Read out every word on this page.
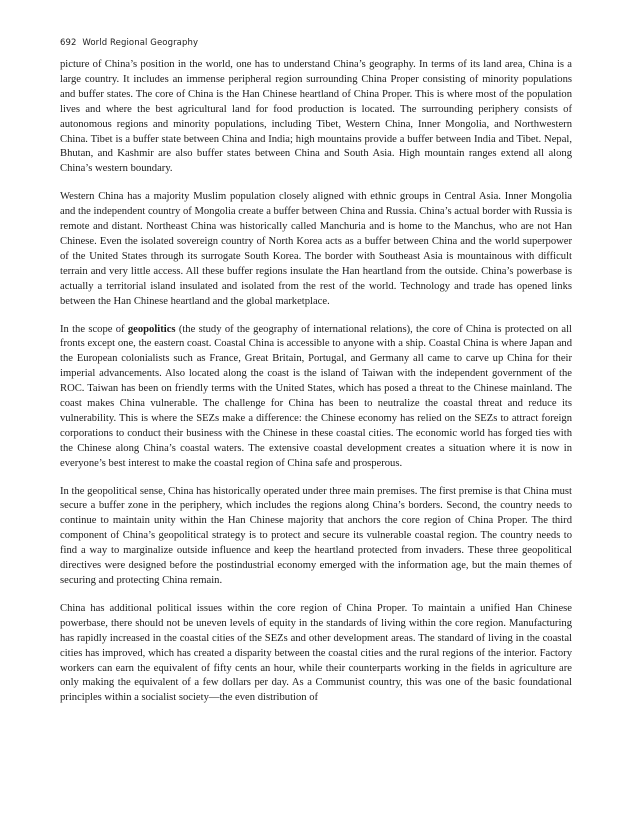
692 World Regional Geography

picture of China’s position in the world, one has to understand China’s geography. In terms of its land area, China is a large country. It includes an immense peripheral region surrounding China Proper consisting of minority populations and buffer states. The core of China is the Han Chinese heartland of China Proper. This is where most of the population lives and where the best agricultural land for food production is located. The surrounding periphery consists of autonomous regions and minority populations, including Tibet, Western China, Inner Mongolia, and Northwestern China. Tibet is a buffer state between China and India; high mountains provide a buffer between India and Tibet. Nepal, Bhutan, and Kashmir are also buffer states between China and South Asia. High mountain ranges extend all along China’s western boundary.

Western China has a majority Muslim population closely aligned with ethnic groups in Central Asia. Inner Mongolia and the independent country of Mongolia create a buffer between China and Russia. China’s actual border with Russia is remote and distant. Northeast China was historically called Manchuria and is home to the Manchus, who are not Han Chinese. Even the isolated sovereign country of North Korea acts as a buffer between China and the world superpower of the United States through its surrogate South Korea. The border with Southeast Asia is mountainous with difficult terrain and very little access. All these buffer regions insulate the Han heartland from the outside. China’s powerbase is actually a territorial island insulated and isolated from the rest of the world. Technology and trade has opened links between the Han Chinese heartland and the global marketplace.

In the scope of geopolitics (the study of the geography of international relations), the core of China is protected on all fronts except one, the eastern coast. Coastal China is accessible to anyone with a ship. Coastal China is where Japan and the European colonialists such as France, Great Britain, Portugal, and Germany all came to carve up China for their imperial advancements. Also located along the coast is the island of Taiwan with the independent government of the ROC. Taiwan has been on friendly terms with the United States, which has posed a threat to the Chinese mainland. The coast makes China vulnerable. The challenge for China has been to neutralize the coastal threat and reduce its vulnerability. This is where the SEZs make a difference: the Chinese economy has relied on the SEZs to attract foreign corporations to conduct their business with the Chinese in these coastal cities. The economic world has forged ties with the Chinese along China’s coastal waters. The extensive coastal development creates a situation where it is now in everyone’s best interest to make the coastal region of China safe and prosperous.

In the geopolitical sense, China has historically operated under three main premises. The first premise is that China must secure a buffer zone in the periphery, which includes the regions along China’s borders. Second, the country needs to continue to maintain unity within the Han Chinese majority that anchors the core region of China Proper. The third component of China’s geopolitical strategy is to protect and secure its vulnerable coastal region. The country needs to find a way to marginalize outside influence and keep the heartland protected from invaders. These three geopolitical directives were designed before the postindustrial economy emerged with the information age, but the main themes of securing and protecting China remain.

China has additional political issues within the core region of China Proper. To maintain a unified Han Chinese powerbase, there should not be uneven levels of equity in the standards of living within the core region. Manufacturing has rapidly increased in the coastal cities of the SEZs and other development areas. The standard of living in the coastal cities has improved, which has created a disparity between the coastal cities and the rural regions of the interior. Factory workers can earn the equivalent of fifty cents an hour, while their counterparts working in the fields in agriculture are only making the equivalent of a few dollars per day. As a Communist country, this was one of the basic foundational principles within a socialist society—the even distribution of
